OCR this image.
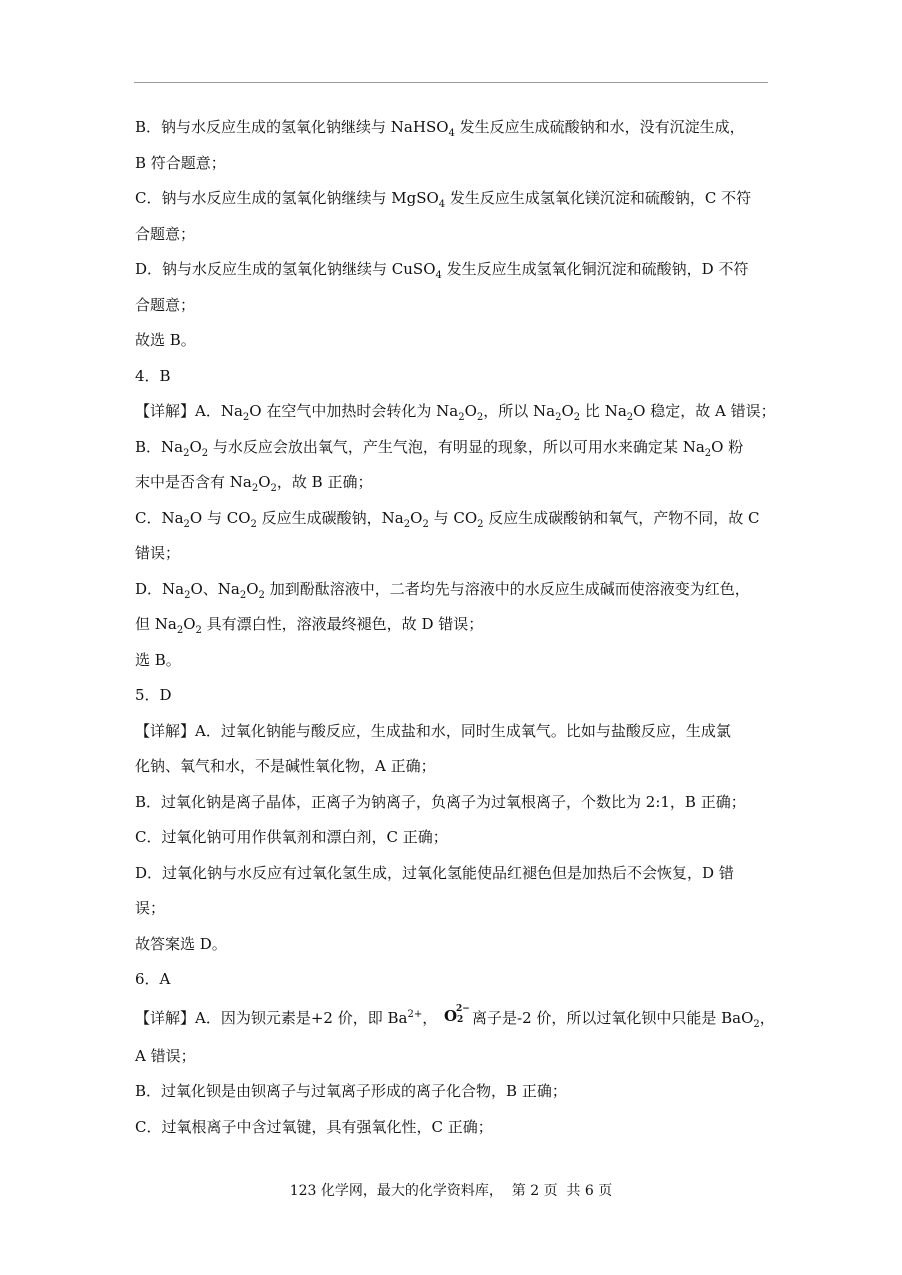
B．钠与水反应生成的氢氧化钠继续与 NaHSO$_4$ 发生反应生成硫酸钠和水，没有沉淀生成，
B 符合题意；
C．钠与水反应生成的氢氧化钠继续与 MgSO$_4$ 发生反应生成氢氧化镁沉淀和硫酸钠，C 不符
合题意；
D．钠与水反应生成的氢氧化钠继续与 CuSO$_4$ 发生反应生成氢氧化铜沉淀和硫酸钠，D 不符
合题意；
故选 B。
4．B
【详解】A．$Na_2O$ 在空气中加热时会转化为 $Na_2O_2$，所以 $Na_2O_2$ 比 $Na_2O$ 稳定，故 A 错误；
B．$Na_2O_2$ 与水反应会放出氧气，产生气泡，有明显的现象，所以可用水来确定某 $Na_2O$ 粉
末中是否含有 $Na_2O_2$，故 B 正确；
C．$Na_2O$ 与 $CO_2$ 反应生成碳酸钠，$Na_2O_2$ 与 $CO_2$ 反应生成碳酸钠和氧气，产物不同，故 C
错误；
D．$Na_2O$、$Na_2O_2$ 加到酚酞溶液中，二者均先与溶液中的水反应生成碱而使溶液变为红色，
但 $Na_2O_2$ 具有漂白性，溶液最终褪色，故 D 错误；
选 B。
5．D
【详解】A．过氧化钠能与酸反应，生成盐和水，同时生成氧气。比如与盐酸反应，生成氯
化钠、氧气和水，不是碱性氧化物，A 正确；
B．过氧化钠是离子晶体，正离子为钠离子，负离子为过氧根离子，个数比为 2:1，B 正确；
C．过氧化钠可用作供氧剂和漂白剂，C 正确；
D．过氧化钠与水反应有过氧化氢生成，过氧化氢能使品红褪色但是加热后不会恢复，D 错
误；
故答案选 D。
6．A
【详解】A．因为钡元素是+2 价，即 $Ba^{2+}$， O
2−
2 离子是-2 价，所以过氧化钡中只能是 BaO$_2$，
A 错误；
B．过氧化钡是由钡离子与过氧离子形成的离子化合物，B 正确；
C．过氧根离子中含过氧键，具有强氧化性，C 正确；
123 化学网，最大的化学资料库， 第 2 页 共 6 页
